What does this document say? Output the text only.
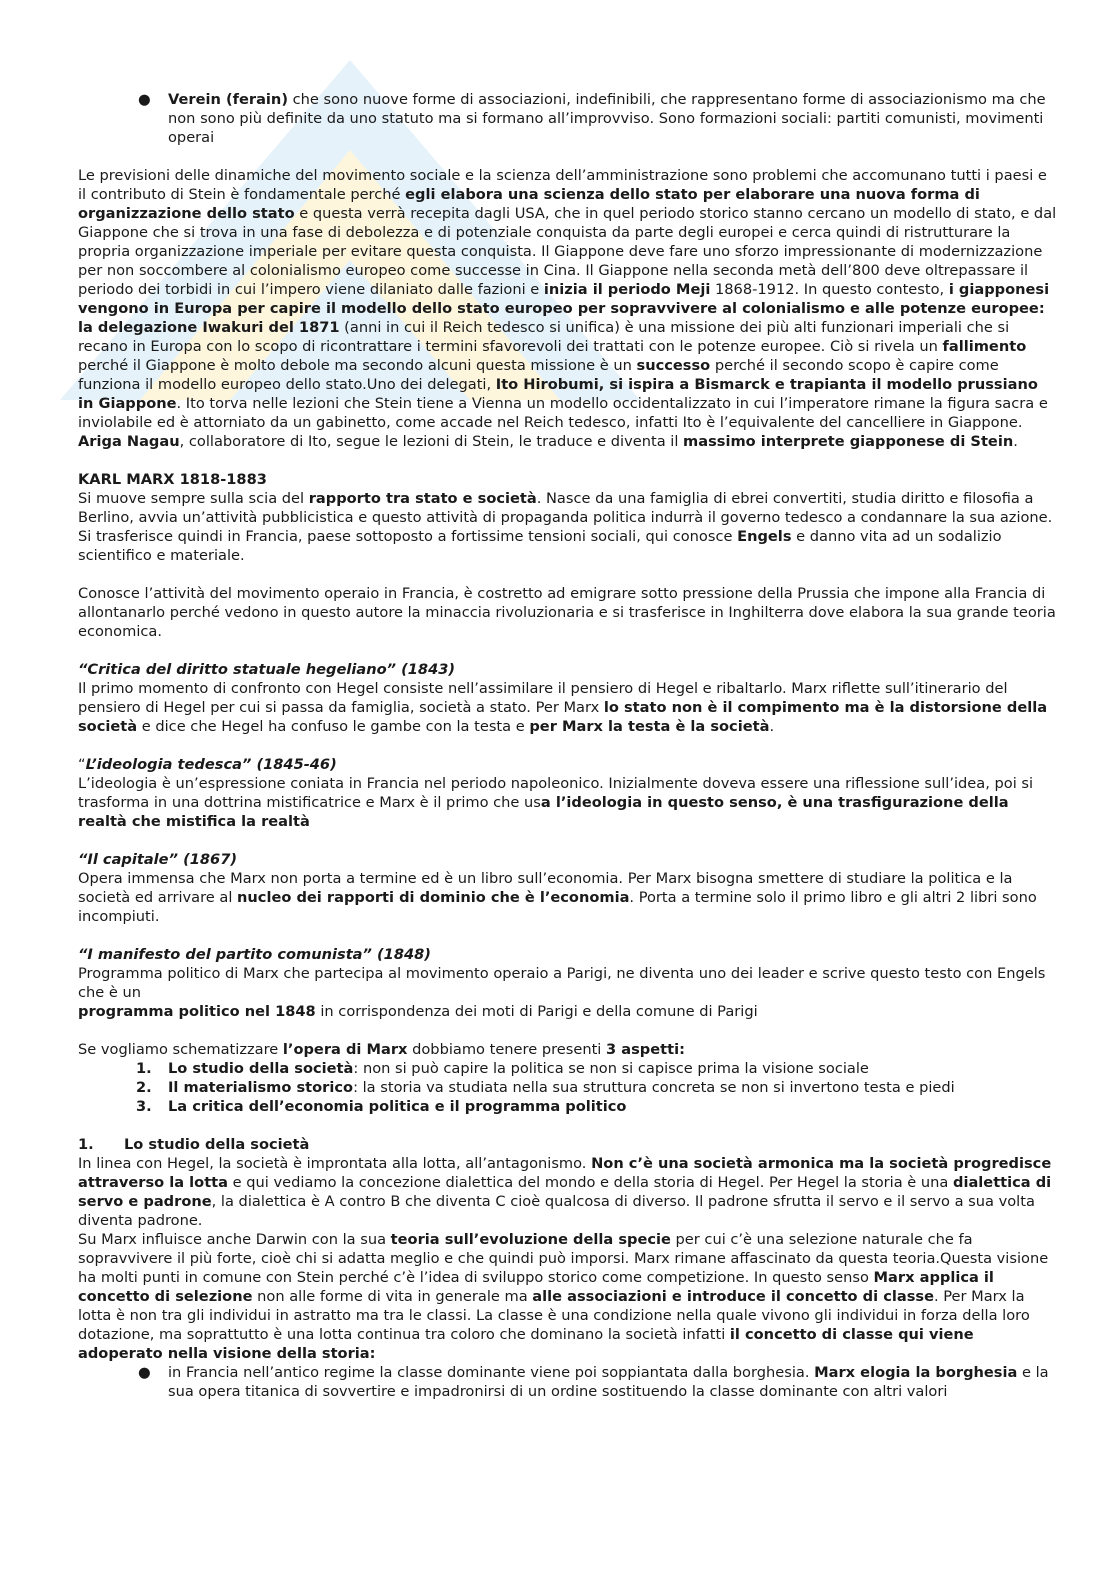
● Verein (ferain) che sono nuove forme di associazioni, indefinibili, che rappresentano forme di associazionismo ma che non sono più definite da uno statuto ma si formano all’improvviso. Sono formazioni sociali: partiti comunisti, movimenti operai

Le previsioni delle dinamiche del movimento sociale e la scienza dell’amministrazione sono problemi che accomunano tutti i paesi e il contributo di Stein è fondamentale perché egli elabora una scienza dello stato per elaborare una nuova forma di organizzazione dello stato e questa verrà recepita dagli USA, che in quel periodo storico stanno cercano un modello di stato, e dal Giappone che si trova in una fase di debolezza e di potenziale conquista da parte degli europei e cerca quindi di ristrutturare la propria organizzazione imperiale per evitare questa conquista. Il Giappone deve fare uno sforzo impressionante di modernizzazione per non soccombere al colonialismo europeo come successe in Cina. Il Giappone nella seconda metà dell’800 deve oltrepassare il periodo dei torbidi in cui l’impero viene dilaniato dalle fazioni e inizia il periodo Meji 1868-1912. In questo contesto, i giapponesi vengono in Europa per capire il modello dello stato europeo per sopravvivere al colonialismo e alle potenze europee: la delegazione Iwakuri del 1871 (anni in cui il Reich tedesco si unifica) è una missione dei più alti funzionari imperiali che si recano in Europa con lo scopo di ricontrattare i termini sfavorevoli dei trattati con le potenze europee. Ciò si rivela un fallimento perché il Giappone è molto debole ma secondo alcuni questa missione è un successo perché il secondo scopo è capire come funziona il modello europeo dello stato.Uno dei delegati, Ito Hirobumi, si ispira a Bismarck e trapianta il modello prussiano in Giappone. Ito torva nelle lezioni che Stein tiene a Vienna un modello occidentalizzato in cui l’imperatore rimane la figura sacra e inviolabile ed è attorniato da un gabinetto, come accade nel Reich tedesco, infatti Ito è l’equivalente del cancelliere in Giappone.

Ariga Nagau, collaboratore di Ito, segue le lezioni di Stein, le traduce e diventa il massimo interprete giapponese di Stein.

KARL MARX 1818-1883

Si muove sempre sulla scia del rapporto tra stato e società. Nasce da una famiglia di ebrei convertiti, studia diritto e filosofia a Berlino, avvia un’attività pubblicistica e questo attività di propaganda politica indurrà il governo tedesco a condannare la sua azione. Si trasferisce quindi in Francia, paese sottoposto a fortissime tensioni sociali, qui conosce Engels e danno vita ad un sodalizio scientifico e materiale.

Conosce l’attività del movimento operaio in Francia, è costretto ad emigrare sotto pressione della Prussia che impone alla Francia di allontanarlo perché vedono in questo autore la minaccia rivoluzionaria e si trasferisce in Inghilterra dove elabora la sua grande teoria economica.

“Critica del diritto statuale hegeliano” (1843)

Il primo momento di confronto con Hegel consiste nell’assimilare il pensiero di Hegel e ribaltarlo. Marx riflette sull’itinerario del pensiero di Hegel per cui si passa da famiglia, società a stato. Per Marx lo stato non è il compimento ma è la distorsione della società e dice che Hegel ha confuso le gambe con la testa e per Marx la testa è la società.

“L’ideologia tedesca” (1845-46)

L’ideologia è un’espressione coniata in Francia nel periodo napoleonico. Inizialmente doveva essere una riflessione sull’idea, poi si trasforma in una dottrina mistificatrice e Marx è il primo che usa l’ideologia in questo senso, è una trasfigurazione della realtà che mistifica la realtà

“Il capitale” (1867)

Opera immensa che Marx non porta a termine ed è un libro sull’economia. Per Marx bisogna smettere di studiare la politica e la società ed arrivare al nucleo dei rapporti di dominio che è l’economia. Porta a termine solo il primo libro e gli altri 2 libri sono incompiuti.

“I manifesto del partito comunista” (1848)

Programma politico di Marx che partecipa al movimento operaio a Parigi, ne diventa uno dei leader e scrive questo testo con Engels che è un
programma politico nel 1848 in corrispondenza dei moti di Parigi e della comune di Parigi

Se vogliamo schematizzare l’opera di Marx dobbiamo tenere presenti 3 aspetti:

1. Lo studio della società: non si può capire la politica se non si capisce prima la visione sociale

2. Il materialismo storico: la storia va studiata nella sua struttura concreta se non si invertono testa e piedi

3. La critica dell’economia politica e il programma politico

1. Lo studio della società

In linea con Hegel, la società è improntata alla lotta, all’antagonismo. Non c’è una società armonica ma la società progredisce attraverso la lotta e qui vediamo la concezione dialettica del mondo e della storia di Hegel. Per Hegel la storia è una dialettica di servo e padrone, la dialettica è A contro B che diventa C cioè qualcosa di diverso. Il padrone sfrutta il servo e il servo a sua volta diventa padrone.
Su Marx influisce anche Darwin con la sua teoria sull’evoluzione della specie per cui c’è una selezione naturale che fa sopravvivere il più forte, cioè chi si adatta meglio e che quindi può imporsi. Marx rimane affascinato da questa teoria.Questa visione ha molti punti in comune con Stein perché c’è l’idea di sviluppo storico come competizione. In questo senso Marx applica il concetto di selezione non alle forme di vita in generale ma alle associazioni e introduce il concetto di classe. Per Marx la lotta è non tra gli individui in astratto ma tra le classi. La classe è una condizione nella quale vivono gli individui in forza della loro dotazione, ma soprattutto è una lotta continua tra coloro che dominano la società infatti il concetto di classe qui viene adoperato nella visione della storia:

● in Francia nell’antico regime la classe dominante viene poi soppiantata dalla borghesia. Marx elogia la borghesia e la sua opera titanica di sovvertire e impadronirsi di un ordine sostituendo la classe dominante con altri valori
